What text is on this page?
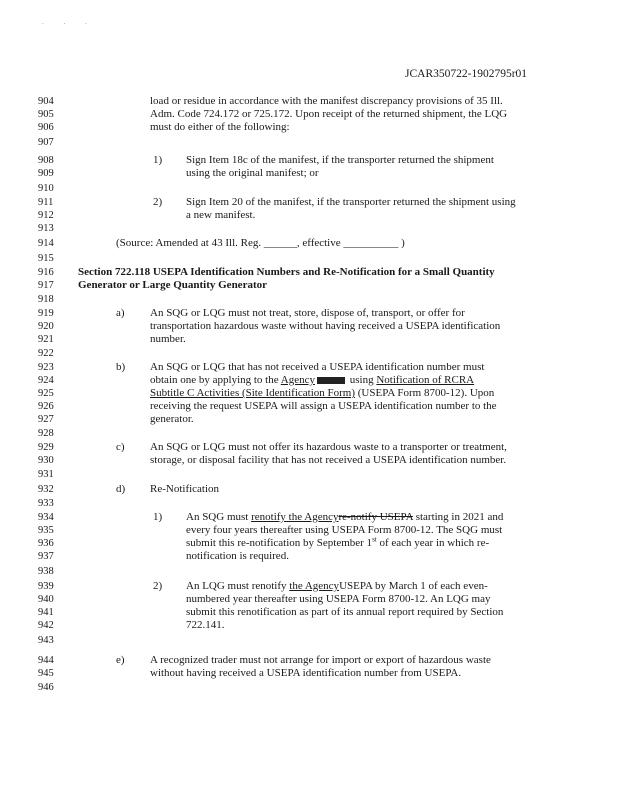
. . .
JCAR350722-1902795r01
904
905
906
907
908
909
910
911
912
913
914
915
916
917
918
919
920
921
922
923
924
925
926
927
928
929
930
931
932
933
934
935
936
937
938
939
940
941
942
943
944
945
946
load or residue in accordance with the manifest discrepancy provisions of 35 Ill.
Adm. Code 724.172 or 725.172. Upon receipt of the returned shipment, the LQG
must do either of the following:
1) Sign Item 18c of the manifest, if the transporter returned the shipment
using the original manifest; or
2) Sign Item 20 of the manifest, if the transporter returned the shipment using
a new manifest.
(Source: Amended at 43 Ill. Reg. ______, effective __________ )
Section 722.118 USEPA Identification Numbers and Re-Notification for a Small Quantity
Generator or Large Quantity Generator
a) An SQG or LQG must not treat, store, dispose of, transport, or offer for
transportation hazardous waste without having received a USEPA identification
number.
b) An SQG or LQG that has not received a USEPA identification number must
obtain one by applying to the Agency	using Notification of RCRA
Subtitle C Activities (Site Identification Form) (USEPA Form 8700-12). Upon
receiving the request USEPA will assign a USEPA identification number to the
generator.
c) An SQG or LQG must not offer its hazardous waste to a transporter or treatment,
storage, or disposal facility that has not received a USEPA identification number.
d) Re-Notification
1) An SQG must renotify the Agencyre-notify USEPA starting in 2021 and
every four years thereafter using USEPA Form 8700-12. The SQG must
submit this re-notification by September 1st of each year in which re-
notification is required.
2) An LQG must renotify the AgencyUSEPA by March 1 of each even-
numbered year thereafter using USEPA Form 8700-12. An LQG may
submit this renotification as part of its annual report required by Section
722.141.
e) A recognized trader must not arrange for import or export of hazardous waste
without having received a USEPA identification number from USEPA.
